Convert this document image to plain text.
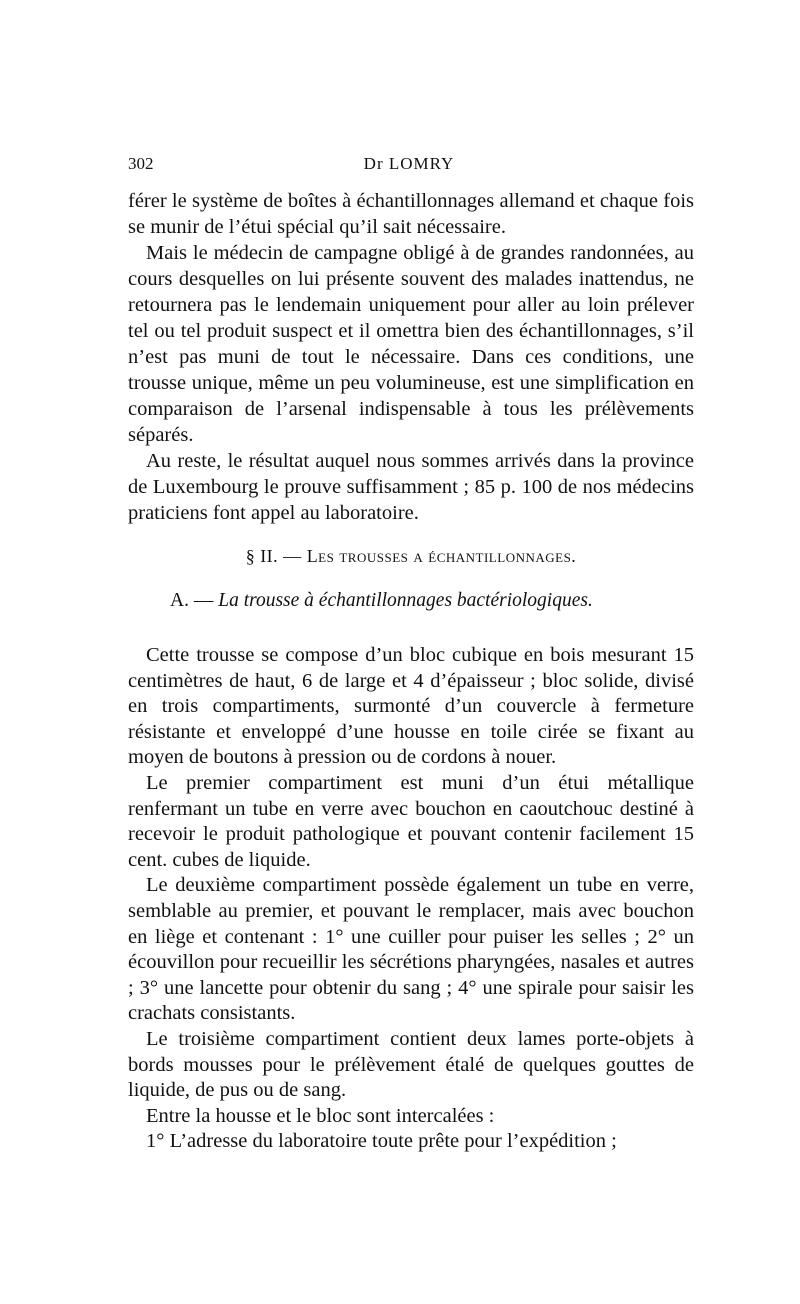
302	Dr LOMRY

férer le système de boîtes à échantillonnages allemand et chaque fois se munir de l’étui spécial qu’il sait nécessaire.

Mais le médecin de campagne obligé à de grandes randonnées, au cours desquelles on lui présente souvent des malades inattendus, ne retournera pas le lendemain uniquement pour aller au loin prélever tel ou tel produit suspect et il omettra bien des échantillonnages, s’il n’est pas muni de tout le nécessaire. Dans ces conditions, une trousse unique, même un peu volumineuse, est une simplification en comparaison de l’arsenal indispensable à tous les prélèvements séparés.

Au reste, le résultat auquel nous sommes arrivés dans la province de Luxembourg le prouve suffisamment ; 85 p. 100 de nos médecins praticiens font appel au laboratoire.

§ II. — Les trousses a échantillonnages.
A. — La trousse à échantillonnages bactériologiques.

Cette trousse se compose d’un bloc cubique en bois mesurant 15 centimètres de haut, 6 de large et 4 d’épaisseur ; bloc solide, divisé en trois compartiments, surmonté d’un couvercle à fermeture résistante et enveloppé d’une housse en toile cirée se fixant au moyen de boutons à pression ou de cordons à nouer.

Le premier compartiment est muni d’un étui métallique renfermant un tube en verre avec bouchon en caoutchouc destiné à recevoir le produit pathologique et pouvant contenir facilement 15 cent. cubes de liquide.

Le deuxième compartiment possède également un tube en verre, semblable au premier, et pouvant le remplacer, mais avec bouchon en liège et contenant : 1° une cuiller pour puiser les selles ; 2° un écouvillon pour recueillir les sécrétions pharyngées, nasales et autres ; 3° une lancette pour obtenir du sang ; 4° une spirale pour saisir les crachats consistants.

Le troisième compartiment contient deux lames porte-objets à bords mousses pour le prélèvement étalé de quelques gouttes de liquide, de pus ou de sang.

Entre la housse et le bloc sont intercalées :

1° L’adresse du laboratoire toute prête pour l’expédition ;
